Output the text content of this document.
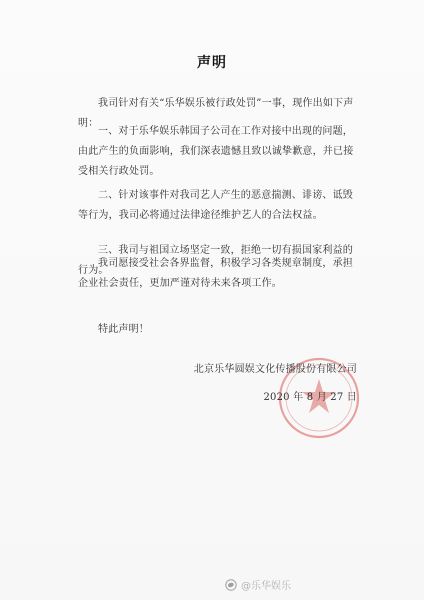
声明
我司针对有关“乐华娱乐被行政处罚”一事，现作出如下声明：
一、对于乐华娱乐韩国子公司在工作对接中出现的问题，由此产生的负面影响，我们深表遗憾且致以诚挚歉意，并已接受相关行政处罚。
二、针对该事件对我司艺人产生的恶意揣测、诽谤、诋毁等行为，我司必将通过法律途径维护艺人的合法权益。
三、我司与祖国立场坚定一致，拒绝一切有损国家利益的行为。
我司愿接受社会各界监督，积极学习各类规章制度，承担企业社会责任，更加严谨对待未来各项工作。
特此声明！
北京乐华圆娱文化传播股份有限公司
2020 年 8 月 27 日
@乐华娱乐
